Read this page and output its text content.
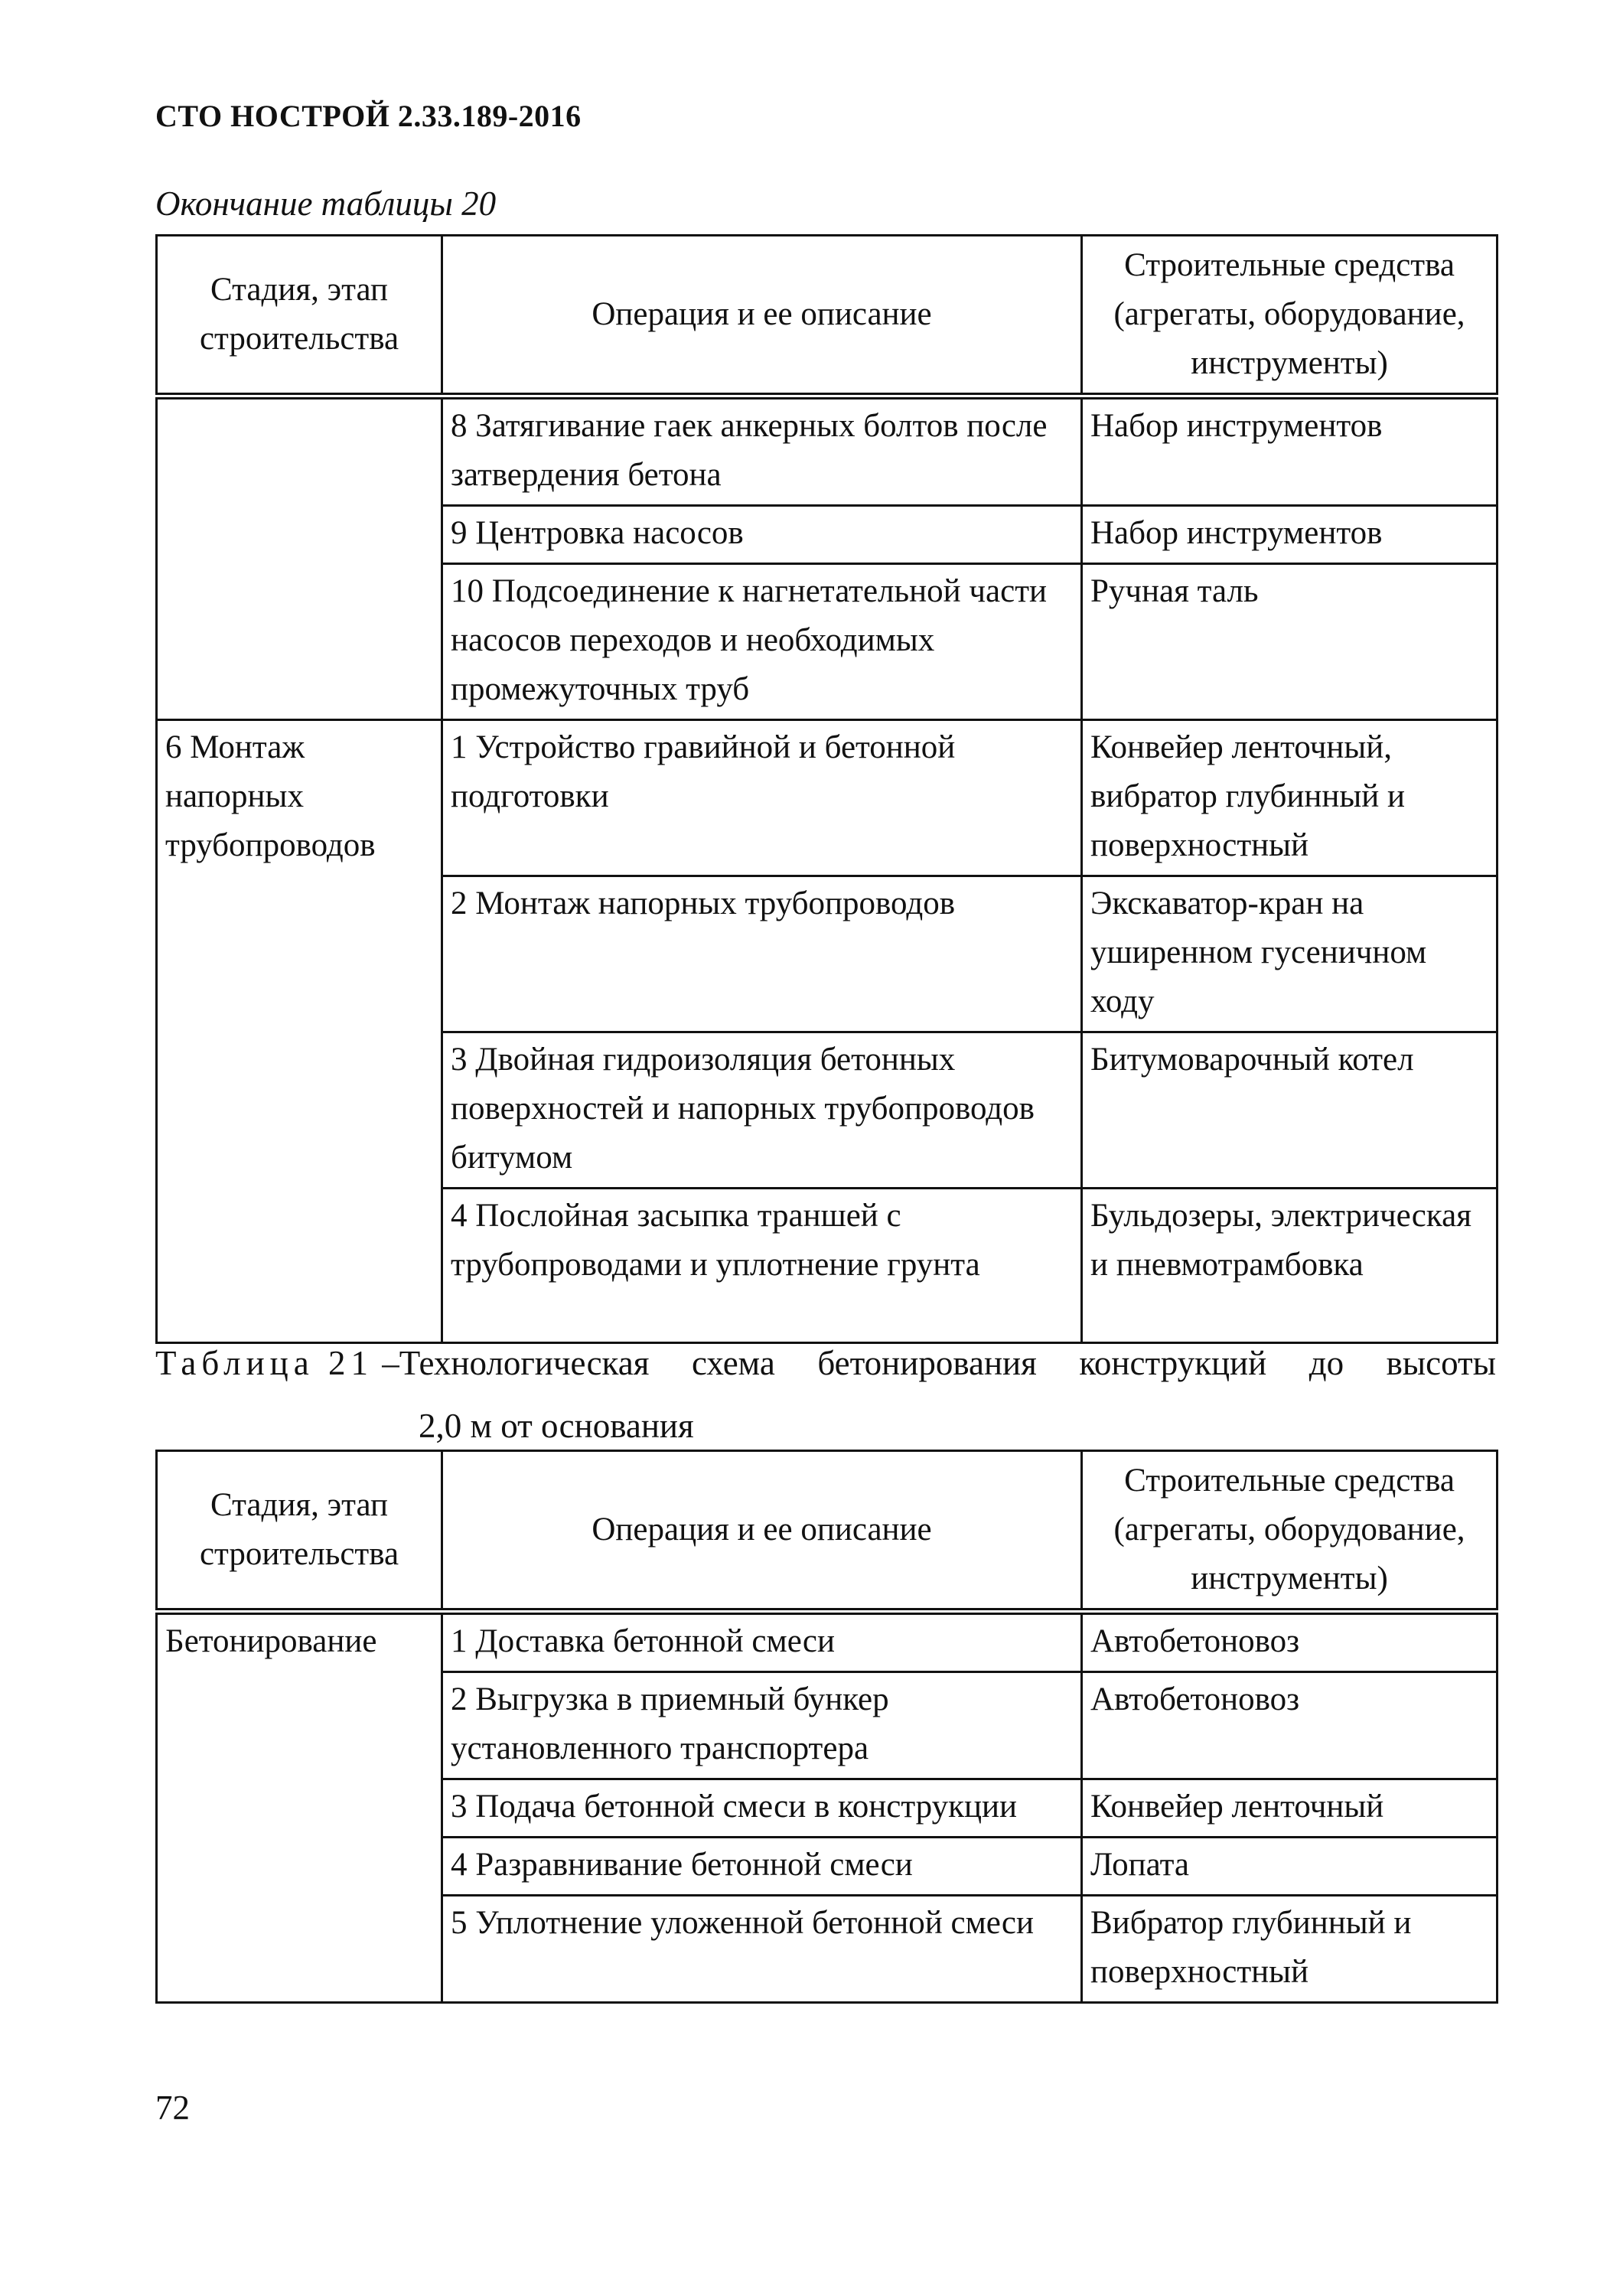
СТО НОСТРОЙ 2.33.189-2016
Окончание таблицы 20
Стадия, этап строительства	Операция и ее описание	Строительные средства (агрегаты, оборудование, инструменты)
	8 Затягивание гаек анкерных болтов после затвердения бетона	Набор инструментов
	9 Центровка насосов	Набор инструментов
	10 Подсоединение к нагнетательной части насосов переходов и необходимых промежуточных труб	Ручная таль
6 Монтаж напорных трубопроводов	1 Устройство гравийной и бетонной подготовки	Конвейер ленточный, вибратор глубинный и поверхностный
	2 Монтаж напорных трубопроводов	Экскаватор-кран на уширенном гусеничном ходу
	3 Двойная гидроизоляция бетонных поверхностей и напорных трубопроводов битумом	Битумоварочный котел
	4 Послойная засыпка траншей с трубопроводами и уплотнение грунта	Бульдозеры, электрическая и пневмотрамбовка
Таблица 21 –Технологическая схема бетонирования конструкций до высоты
2,0 м от основания
Стадия, этап строительства	Операция и ее описание	Строительные средства (агрегаты, оборудование, инструменты)
Бетонирование	1 Доставка бетонной смеси	Автобетоновоз
	2 Выгрузка в приемный бункер установленного транспортера	Автобетоновоз
	3 Подача бетонной смеси в конструкции	Конвейер ленточный
	4 Разравнивание бетонной смеси	Лопата
	5 Уплотнение уложенной бетонной смеси	Вибратор глубинный и поверхностный
72
